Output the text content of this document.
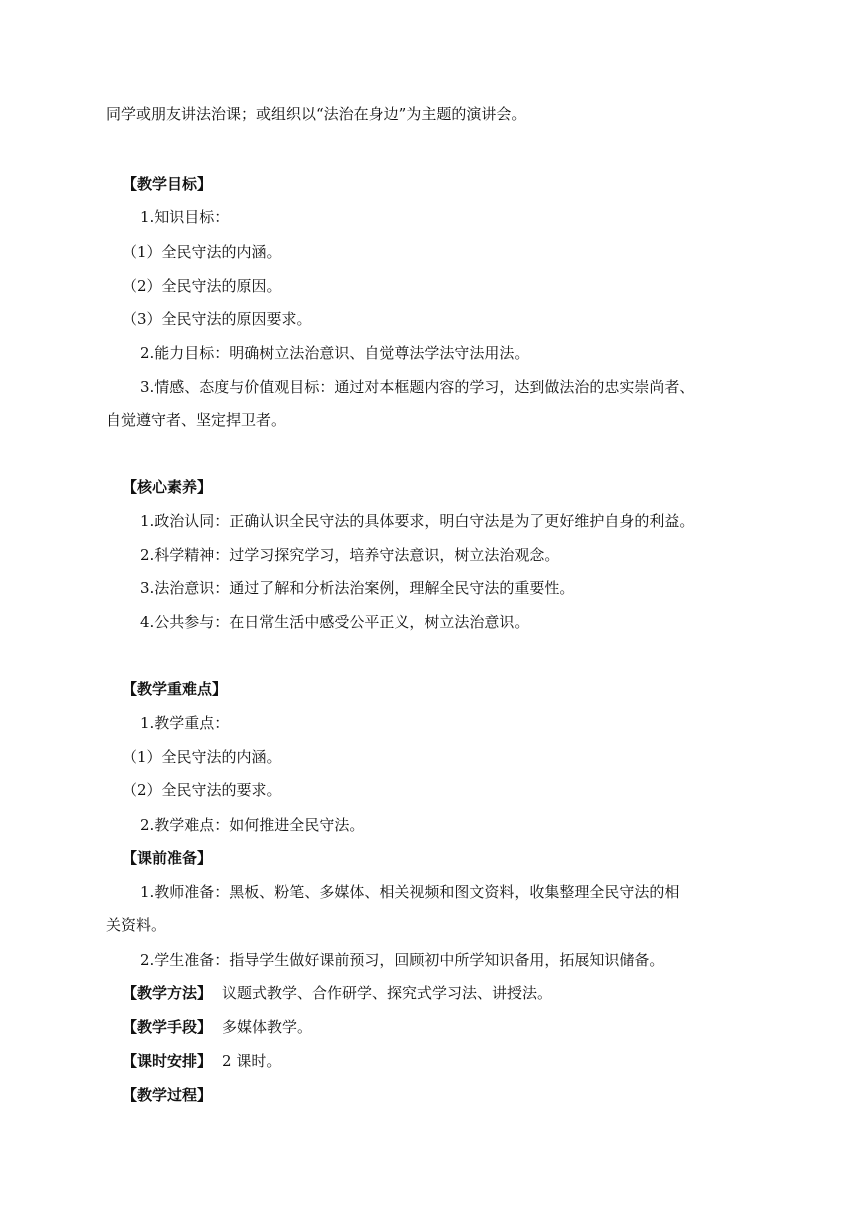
同学或朋友讲法治课；或组织以“法治在身边”为主题的演讲会。
【教学目标】
1.知识目标：
（1）全民守法的内涵。
（2）全民守法的原因。
（3）全民守法的原因要求。
2.能力目标：明确树立法治意识、自觉尊法学法守法用法。
3.情感、态度与价值观目标：通过对本框题内容的学习，达到做法治的忠实崇尚者、
自觉遵守者、坚定捍卫者。
【核心素养】
1.政治认同：正确认识全民守法的具体要求，明白守法是为了更好维护自身的利益。
2.科学精神：过学习探究学习，培养守法意识，树立法治观念。
3.法治意识：通过了解和分析法治案例，理解全民守法的重要性。
4.公共参与：在日常生活中感受公平正义，树立法治意识。
【教学重难点】
1.教学重点：
（1）全民守法的内涵。
（2）全民守法的要求。
2.教学难点：如何推进全民守法。
【课前准备】
1.教师准备：黑板、粉笔、多媒体、相关视频和图文资料，收集整理全民守法的相
关资料。
2.学生准备：指导学生做好课前预习，回顾初中所学知识备用，拓展知识储备。
【教学方法】 议题式教学、合作研学、探究式学习法、讲授法。
【教学手段】 多媒体教学。
【课时安排】 2 课时。
【教学过程】
